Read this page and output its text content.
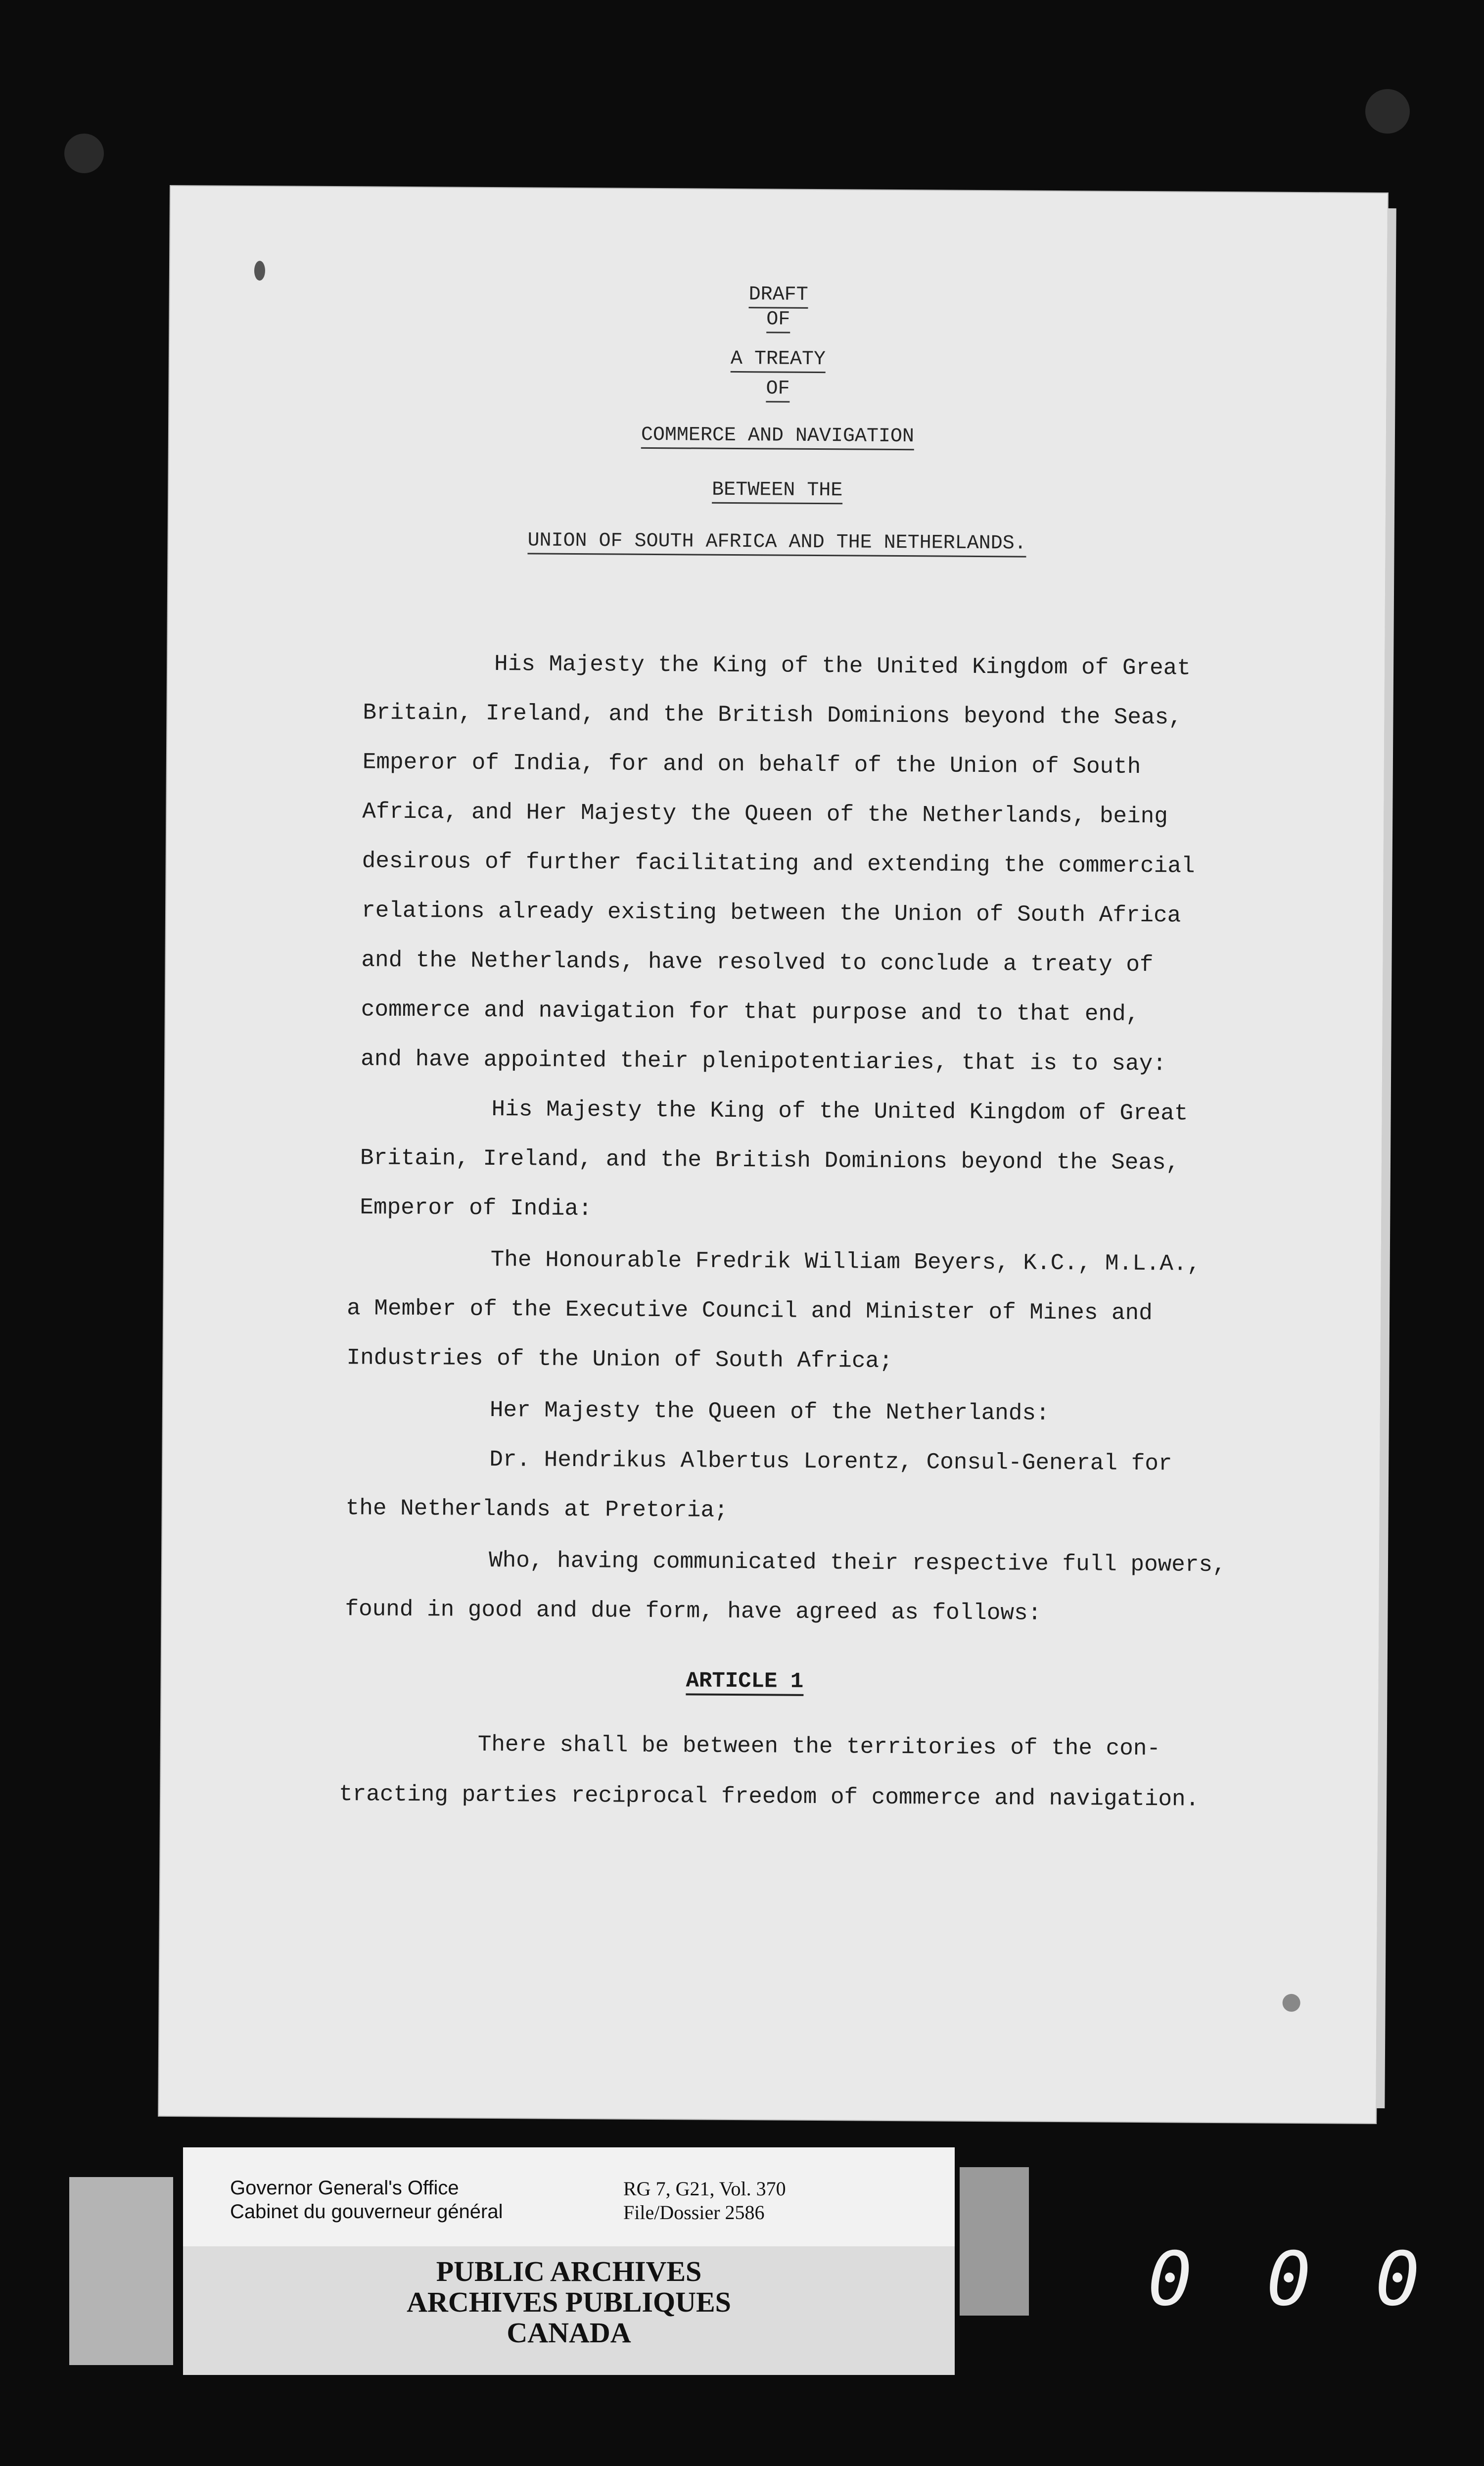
DRAFT
OF
A TREATY
OF
COMMERCE AND NAVIGATION
BETWEEN THE
UNION OF SOUTH AFRICA AND THE NETHERLANDS.
His Majesty the King of the United Kingdom of Great
Britain, Ireland, and the British Dominions beyond the Seas,
Emperor of India, for and on behalf of the Union of South
Africa, and Her Majesty the Queen of the Netherlands, being
desirous of further facilitating and extending the commercial
relations already existing between the Union of South Africa
and the Netherlands, have resolved to conclude a treaty of
commerce and navigation for that purpose and to that end,
and have appointed their plenipotentiaries, that is to say:
His Majesty the King of the United Kingdom of Great
Britain, Ireland, and the British Dominions beyond the Seas,
Emperor of India:
The Honourable Fredrik William Beyers, K.C., M.L.A.,
a Member of the Executive Council and Minister of Mines and
Industries of the Union of South Africa;
Her Majesty the Queen of the Netherlands:
Dr. Hendrikus Albertus Lorentz, Consul-General for
the Netherlands at Pretoria;
Who, having communicated their respective full powers,
found in good and due form, have agreed as follows:
ARTICLE 1
There shall be between the territories of the con-
tracting parties reciprocal freedom of commerce and navigation.
Governor General's Office
Cabinet du gouverneur général
RG 7, G21, Vol. 370
File/Dossier 2586
PUBLIC ARCHIVES
ARCHIVES PUBLIQUES
CANADA
0 0 0
